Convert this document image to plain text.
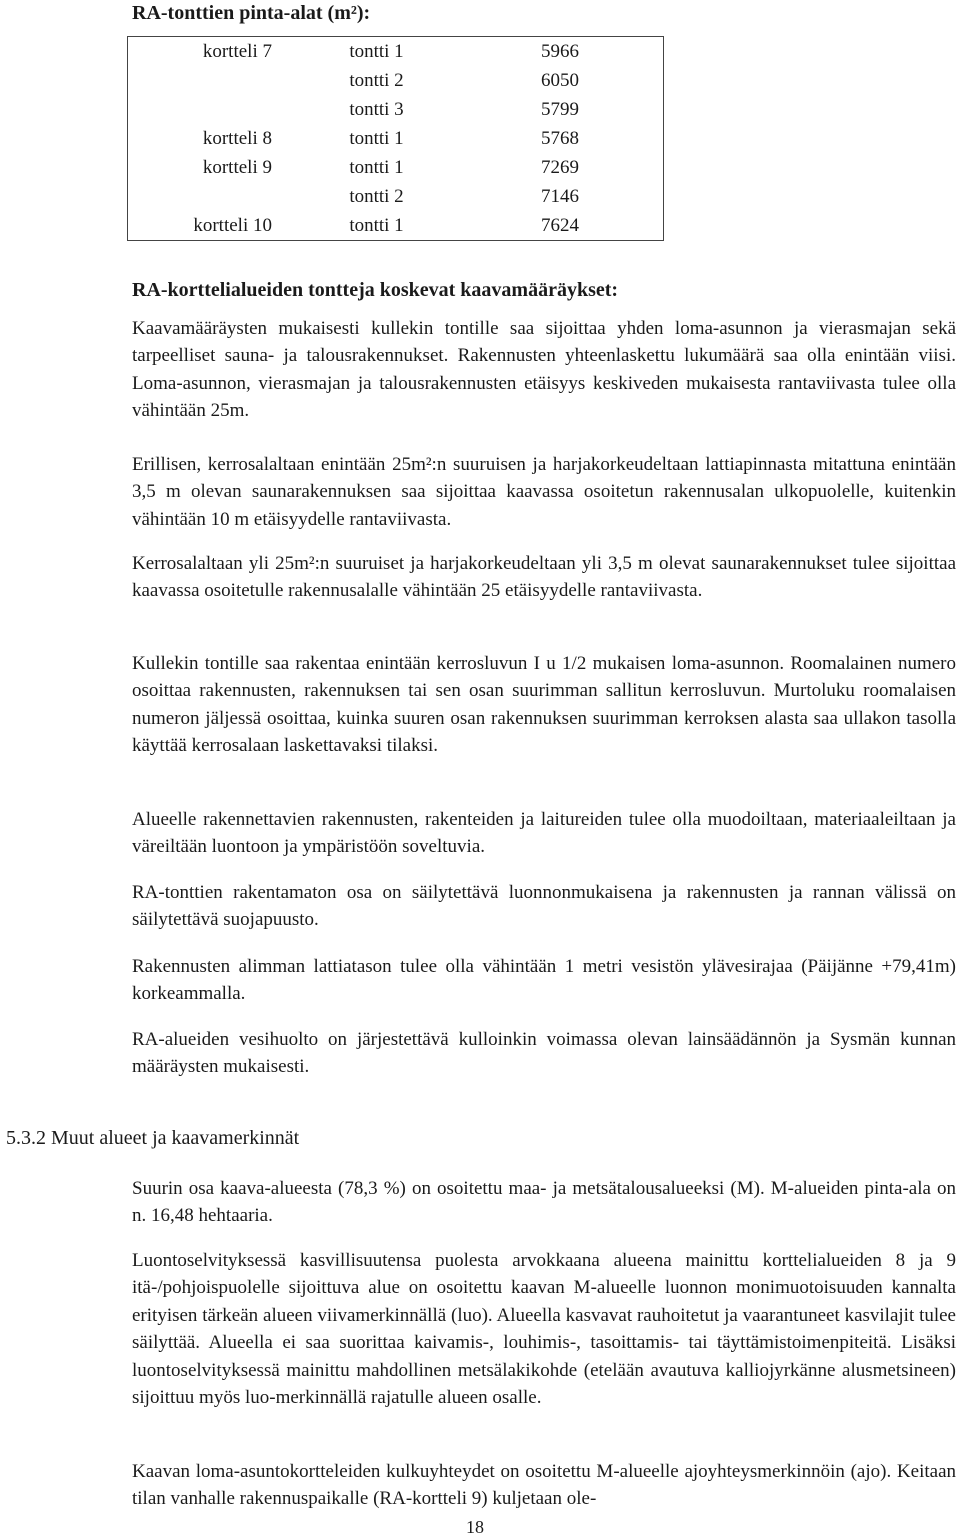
RA-tonttien pinta-alat (m²):
kortteli 7	tontti 1	5966
	tontti 2	6050
	tontti 3	5799
kortteli 8	tontti 1	5768
kortteli 9	tontti 1	7269
	tontti 2	7146
kortteli 10	tontti 1	7624
RA-korttelialueiden tontteja koskevat kaavamääräykset:

Kaavamääräysten mukaisesti kullekin tontille saa sijoittaa yhden loma-asunnon ja vierasmajan sekä tarpeelliset sauna- ja talousrakennukset. Rakennusten yhteenlaskettu lukumäärä saa olla enintään viisi. Loma-asunnon, vierasmajan ja talousrakennusten etäisyys keskiveden mukaisesta rantaviivasta tulee olla vähintään 25m.

Erillisen, kerrosalaltaan enintään 25m²:n suuruisen ja harjakorkeudeltaan lattiapinnasta mitattuna enintään 3,5 m olevan saunarakennuksen saa sijoittaa kaavassa osoitetun rakennusalan ulkopuolelle, kuitenkin vähintään 10 m etäisyydelle rantaviivasta.

Kerrosalaltaan yli 25m²:n suuruiset ja harjakorkeudeltaan yli 3,5 m olevat saunarakennukset tulee sijoittaa kaavassa osoitetulle rakennusalalle vähintään 25 etäisyydelle rantaviivasta.

Kullekin tontille saa rakentaa enintään kerrosluvun I u 1/2 mukaisen loma-asunnon. Roomalainen numero osoittaa rakennusten, rakennuksen tai sen osan suurimman sallitun kerrosluvun. Murtoluku roomalaisen numeron jäljessä osoittaa, kuinka suuren osan rakennuksen suurimman kerroksen alasta saa ullakon tasolla käyttää kerrosalaan laskettavaksi tilaksi.

Alueelle rakennettavien rakennusten, rakenteiden ja laitureiden tulee olla muodoiltaan, materiaaleiltaan ja väreiltään luontoon ja ympäristöön soveltuvia.

RA-tonttien rakentamaton osa on säilytettävä luonnonmukaisena ja rakennusten ja rannan välissä on säilytettävä suojapuusto.

Rakennusten alimman lattiatason tulee olla vähintään 1 metri vesistön ylävesirajaa (Päijänne +79,41m) korkeammalla.

RA-alueiden vesihuolto on järjestettävä kulloinkin voimassa olevan lainsäädännön ja Sysmän kunnan määräysten mukaisesti.

5.3.2 Muut alueet ja kaavamerkinnät

Suurin osa kaava-alueesta (78,3 %) on osoitettu maa- ja metsätalousalueeksi (M). M-alueiden pinta-ala on n. 16,48 hehtaaria.

Luontoselvityksessä kasvillisuutensa puolesta arvokkaana alueena mainittu korttelialueiden 8 ja 9 itä-/pohjoispuolelle sijoittuva alue on osoitettu kaavan M-alueelle luonnon monimuotoisuuden kannalta erityisen tärkeän alueen viivamerkinnällä (luo). Alueella kasvavat rauhoitetut ja vaarantuneet kasvilajit tulee säilyttää. Alueella ei saa suorittaa kaivamis-, louhimis-, tasoittamis- tai täyttämistoimenpiteitä. Lisäksi luontoselvityksessä mainittu mahdollinen metsälakikohde (etelään avautuva kalliojyrkänne alusmetsineen) sijoittuu myös luo-merkinnällä rajatulle alueen osalle.

Kaavan loma-asuntokortteleiden kulkuyhteydet on osoitettu M-alueelle ajoyhteysmerkinnöin (ajo). Keitaan tilan vanhalle rakennuspaikalle (RA-kortteli 9) kuljetaan ole-

18
